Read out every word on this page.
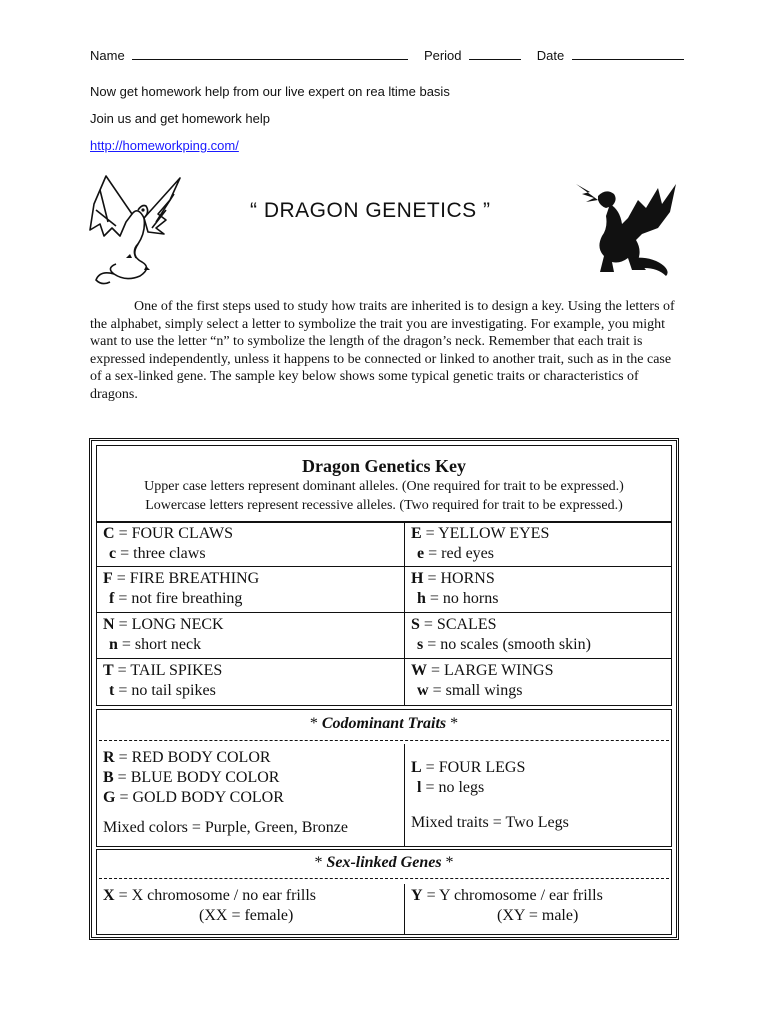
Name	Period	Date
Now get homework help from our live expert on rea ltime basis
Join us and get homework help
http://homeworkping.com/
“ DRAGON GENETICS ”

One of the first steps used to study how traits are inherited is to design a key. Using the letters of the alphabet, simply select a letter to symbolize the trait you are investigating. For example, you might want to use the letter “n” to symbolize the length of the dragon’s neck. Remember that each trait is expressed independently, unless it happens to be connected or linked to another trait, such as in the case of a sex-linked gene. The sample key below shows some typical genetic traits or characteristics of dragons.

Dragon Genetics Key
Upper case letters represent dominant alleles. (One required for trait to be expressed.)
Lowercase letters represent recessive alleles. (Two required for trait to be expressed.)
C = FOUR CLAWS
c = three claws
E = YELLOW EYES
e = red eyes
F = FIRE BREATHING
f = not fire breathing
H = HORNS
h = no horns
N = LONG NECK
n = short neck
S = SCALES
s = no scales (smooth skin)
T = TAIL SPIKES
t = no tail spikes
W = LARGE WINGS
w = small wings
* Codominant Traits *
R = RED BODY COLOR
B = BLUE BODY COLOR
G = GOLD BODY COLOR
Mixed colors = Purple, Green, Bronze
L = FOUR LEGS
l = no legs
Mixed traits = Two Legs
* Sex-linked Genes *
X = X chromosome / no ear frills
(XX = female)
Y = Y chromosome / ear frills
(XY = male)
